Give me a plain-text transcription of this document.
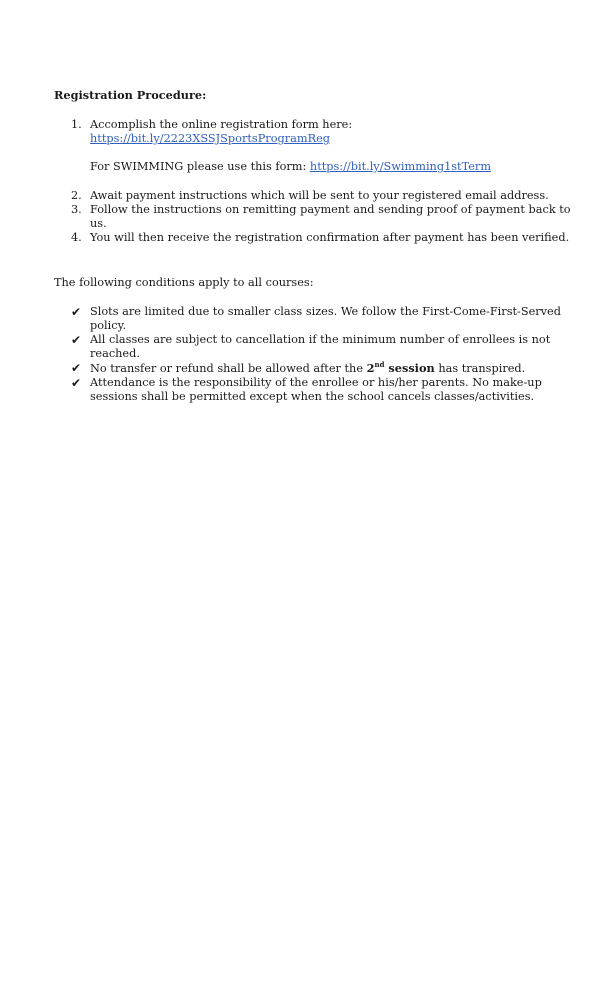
Registration Procedure:
1. Accomplish the online registration form here:
https://bit.ly/2223XSSJSportsProgramReg
For SWIMMING please use this form: https://bit.ly/Swimming1stTerm
2. Await payment instructions which will be sent to your registered email address.
3. Follow the instructions on remitting payment and sending proof of payment back to us.
4. You will then receive the registration confirmation after payment has been verified.
The following conditions apply to all courses:
✔ Slots are limited due to smaller class sizes. We follow the First-Come-First-Served policy.
✔ All classes are subject to cancellation if the minimum number of enrollees is not reached.
✔ No transfer or refund shall be allowed after the 2nd session has transpired.
✔ Attendance is the responsibility of the enrollee or his/her parents. No make-up sessions shall be permitted except when the school cancels classes/activities.
